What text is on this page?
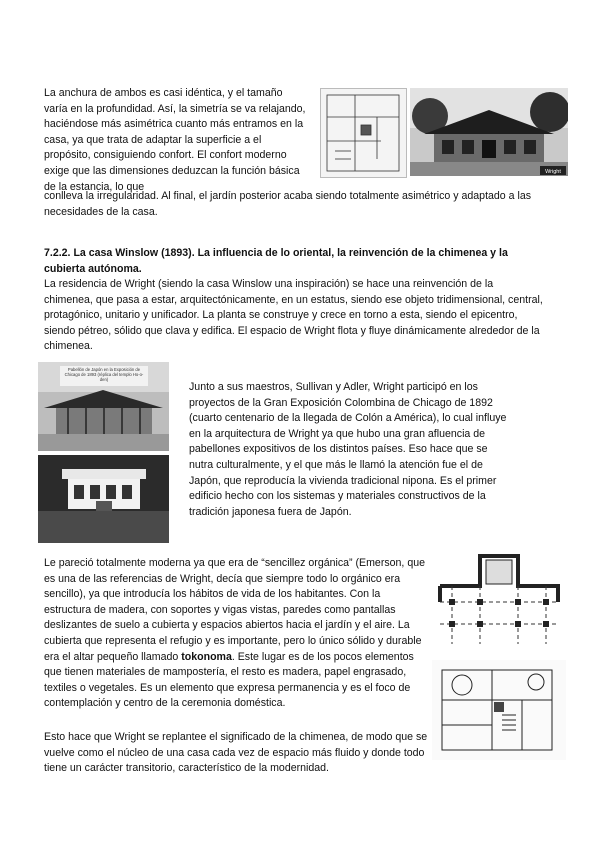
La anchura de ambos es casi idéntica, y el tamaño varía en la profundidad. Así, la simetría se va relajando, haciéndose más asimétrica cuanto más entramos en la casa, ya que trata de adaptar la superficie a el propósito, consiguiendo confort. El confort moderno exige que las dimensiones deduzcan la función básica de la estancia, lo que

conlleva la irregularidad. Al final, el jardín posterior acaba siendo totalmente asimétrico y adaptado a las necesidades de la casa.

Wright

7.2.2. La casa Winslow (1893). La influencia de lo oriental, la reinvención de la chimenea y la cubierta autónoma.

La residencia de Wright (siendo la casa Winslow una inspiración) se hace una reinvención de la chimenea, que pasa a estar, arquitectónicamente, en un estatus, siendo ese objeto tridimensional, central, protagónico, unitario y unificador. La planta se construye y crece en torno a esta, siendo el epicentro, siendo pétreo, sólido que clava y edifica. El espacio de Wright flota y fluye dinámicamente alrededor de la chimenea.

Pabellón de Japón en la Exposición de Chicago de 1893 (réplica del templo Ho-o-den)

Junto a sus maestros, Sullivan y Adler, Wright participó en los proyectos de la Gran Exposición Colombina de Chicago de 1892 (cuarto centenario de la llegada de Colón a América), lo cual influye en la arquitectura de Wright ya que hubo una gran afluencia de pabellones expositivos de los distintos países. Eso hace que se nutra culturalmente, y el que más le llamó la atención fue el de Japón, que reproducía la vivienda tradicional nipona. Es el primer edificio hecho con los sistemas y materiales constructivos de la tradición japonesa fuera de Japón.

Le pareció totalmente moderna ya que era de “sencillez orgánica” (Emerson, que es una de las referencias de Wright, decía que siempre todo lo orgánico era sencillo), ya que introducía los hábitos de vida de los habitantes. Con la estructura de madera, con soportes y vigas vistas, paredes como pantallas deslizantes de suelo a cubierta y espacios abiertos hacia el jardín y el aire. La cubierta que representa el refugio y es importante, pero lo único sólido y durable era el altar pequeño llamado tokonoma. Este lugar es de los pocos elementos que tienen materiales de mampostería, el resto es madera, papel engrasado, textiles o vegetales. Es un elemento que expresa permanencia y es el foco de contemplación y centro de la ceremonia doméstica.

Esto hace que Wright se replantee el significado de la chimenea, de modo que se vuelve como el núcleo de una casa cada vez de espacio más fluido y donde todo tiene un carácter transitorio, característico de la modernidad.
